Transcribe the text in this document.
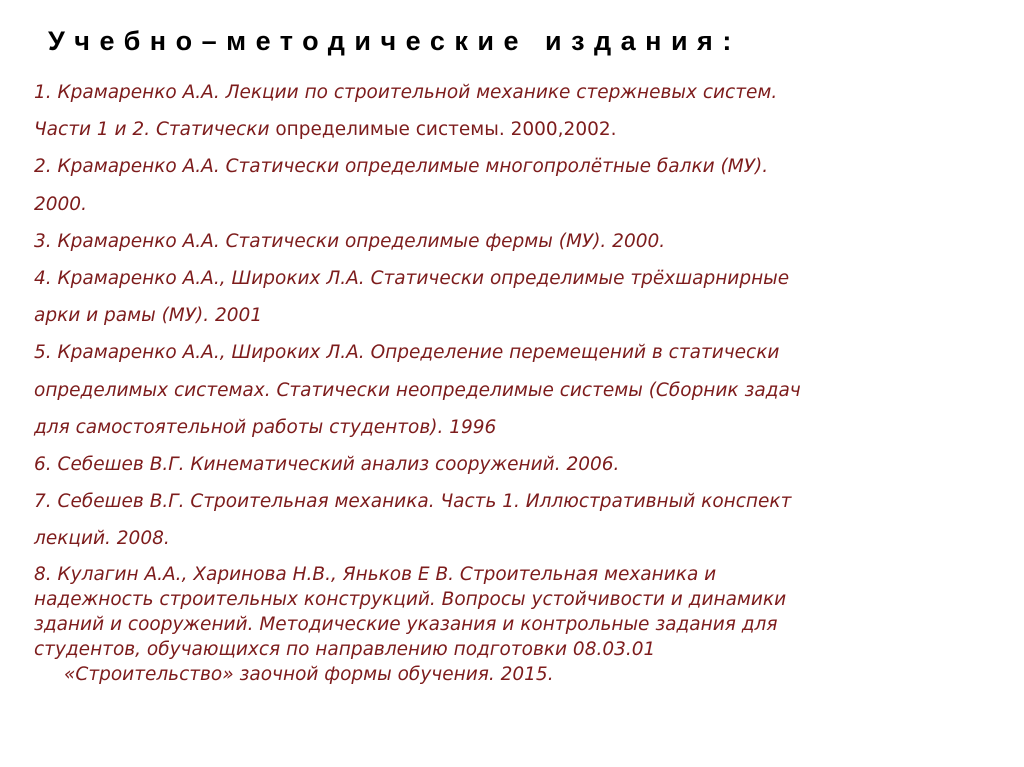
Учебно–методические издания:
1. Крамаренко А.А. Лекции по строительной механике стержневых систем.
Части 1 и 2. Статически определимые системы. 2000,2002.
2. Крамаренко А.А. Статически определимые многопролётные балки (МУ).
2000.
3. Крамаренко А.А. Статически определимые фермы (МУ). 2000.
4. Крамаренко А.А., Широких Л.А. Статически определимые трёхшарнирные
арки и рамы (МУ). 2001
5. Крамаренко А.А., Широких Л.А. Определение перемещений в статически
определимых системах. Статически неопределимые системы (Сборник задач
для самостоятельной работы студентов). 1996
6. Себешев В.Г. Кинематический анализ сооружений. 2006.
7. Себешев В.Г. Строительная механика. Часть 1. Иллюстративный конспект
лекций. 2008.
8. Кулагин А.А., Харинова Н.В., Яньков Е В. Строительная механика и
надежность строительных конструкций. Вопросы устойчивости и динамики
зданий и сооружений. Методические указания и контрольные задания для
студентов, обучающихся по направлению подготовки 08.03.01
«Строительство» заочной формы обучения. 2015.
